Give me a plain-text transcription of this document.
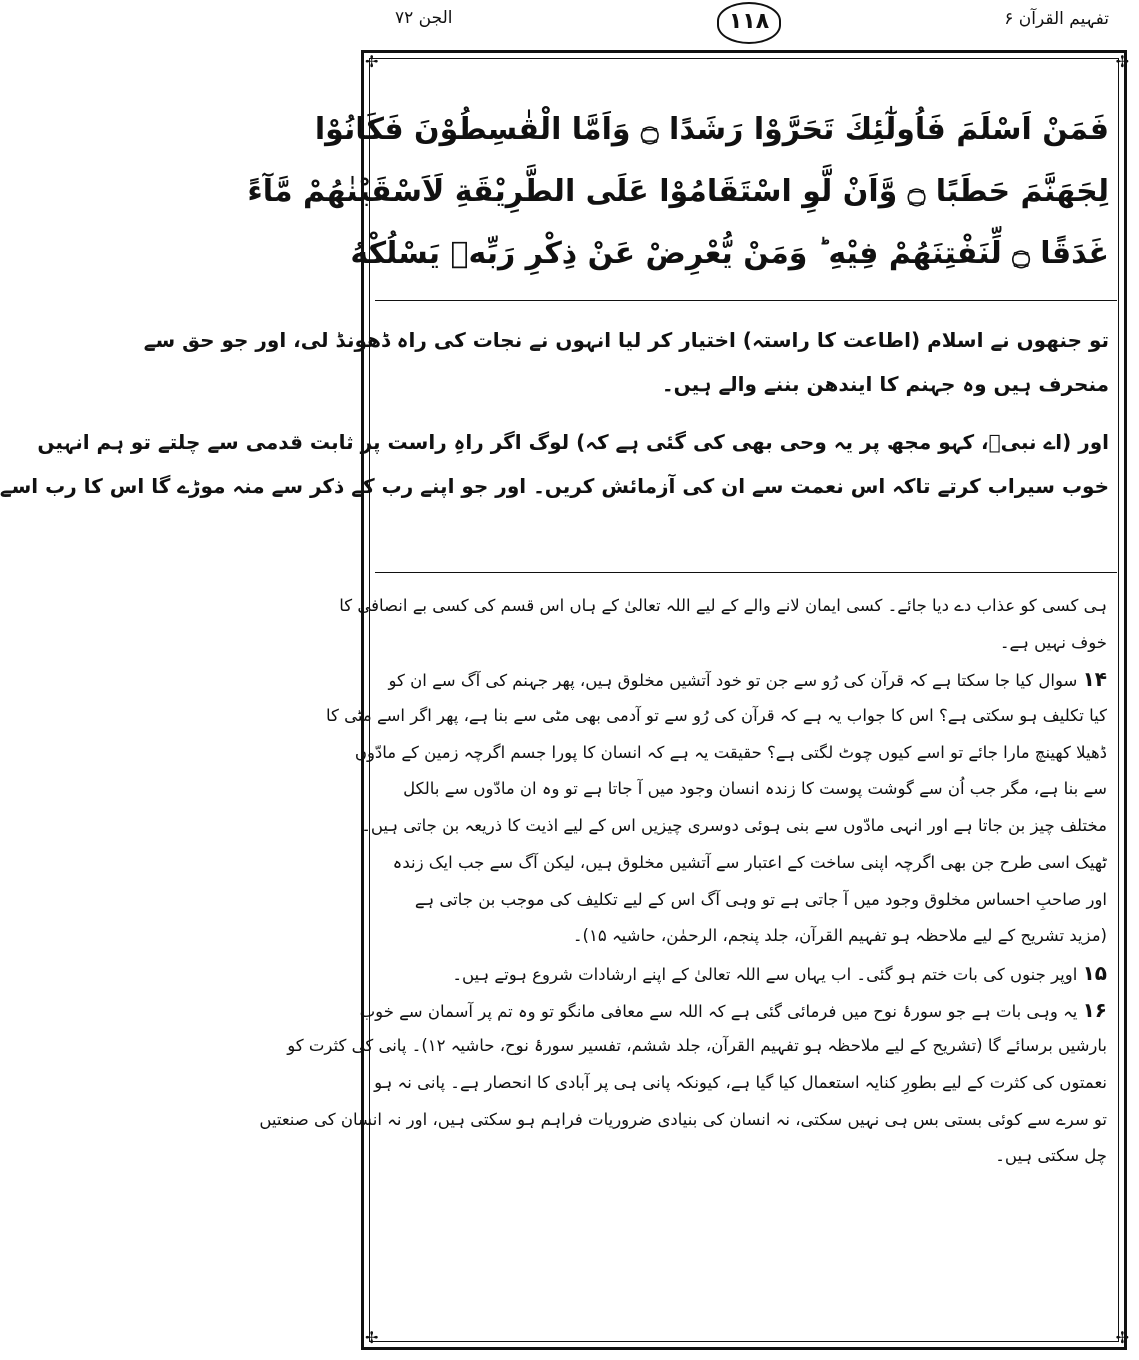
تفہیم القرآن ۶
۱۱۸
الجن ۷۲
✢	✢
✢	✢
فَمَنْ اَسْلَمَ فَاُولٰٓئِكَ تَحَرَّوْا رَشَدًا ۝ وَاَمَّا الْقٰسِطُوْنَ فَكَانُوْا
لِجَهَنَّمَ حَطَبًا ۝ وَّاَنْ لَّوِ اسْتَقَامُوْا عَلَى الطَّرِيْقَةِ لَاَسْقَيْنٰهُمْ مَّآءً
غَدَقًا ۝ لِّنَفْتِنَهُمْ فِيْهِ ؕ وَمَنْ يُّعْرِضْ عَنْ ذِكْرِ رَبِّهٖ يَسْلُكْهُ
تو جنھوں نے اسلام (اطاعت کا راستہ) اختیار کر لیا انہوں نے نجات کی راہ ڈھونڈ لی، اور جو حق سے
منحرف ہیں وہ جہنم کا ایندھن بننے والے ہیں۔
اور (اے نبیؐ، کہو مجھ پر یہ وحی بھی کی گئی ہے کہ) لوگ اگر راہِ راست پر ثابت قدمی سے چلتے تو ہم انہیں
خوب سیراب کرتے تاکہ اس نعمت سے ان کی آزمائش کریں۔ اور جو اپنے رب کے ذکر سے منہ موڑے گا اس کا رب اسے
ہی کسی کو عذاب دے دیا جائے۔ کسی ایمان لانے والے کے لیے اللہ تعالیٰ کے ہاں اس قسم کی کسی بے انصافی کا
خوف نہیں ہے۔
۱۴ سوال کیا جا سکتا ہے کہ قرآن کی رُو سے جن تو خود آتشیں مخلوق ہیں، پھر جہنم کی آگ سے ان کو
کیا تکلیف ہو سکتی ہے؟ اس کا جواب یہ ہے کہ قرآن کی رُو سے تو آدمی بھی مٹی سے بنا ہے، پھر اگر اسے مٹی کا
ڈھیلا کھینچ مارا جائے تو اسے کیوں چوٹ لگتی ہے؟ حقیقت یہ ہے کہ انسان کا پورا جسم اگرچہ زمین کے مادّوں
سے بنا ہے، مگر جب اُن سے گوشت پوست کا زندہ انسان وجود میں آ جاتا ہے تو وہ ان مادّوں سے بالکل
مختلف چیز بن جاتا ہے اور انہی مادّوں سے بنی ہوئی دوسری چیزیں اس کے لیے اذیت کا ذریعہ بن جاتی ہیں۔
ٹھیک اسی طرح جن بھی اگرچہ اپنی ساخت کے اعتبار سے آتشیں مخلوق ہیں، لیکن آگ سے جب ایک زندہ
اور صاحبِ احساس مخلوق وجود میں آ جاتی ہے تو وہی آگ اس کے لیے تکلیف کی موجب بن جاتی ہے
(مزید تشریح کے لیے ملاحظہ ہو تفہیم القرآن، جلد پنجم، الرحمٰن، حاشیہ ۱۵)۔
۱۵ اوپر جنوں کی بات ختم ہو گئی۔ اب یہاں سے اللہ تعالیٰ کے اپنے ارشادات شروع ہوتے ہیں۔
۱۶ یہ وہی بات ہے جو سورۂ نوح میں فرمائی گئی ہے کہ اللہ سے معافی مانگو تو وہ تم پر آسمان سے خوب
بارشیں برسائے گا (تشریح کے لیے ملاحظہ ہو تفہیم القرآن، جلد ششم، تفسیر سورۂ نوح، حاشیہ ۱۲)۔ پانی کی کثرت کو
نعمتوں کی کثرت کے لیے بطورِ کنایہ استعمال کیا گیا ہے، کیونکہ پانی ہی پر آبادی کا انحصار ہے۔ پانی نہ ہو
تو سرے سے کوئی بستی بس ہی نہیں سکتی، نہ انسان کی بنیادی ضروریات فراہم ہو سکتی ہیں، اور نہ انسان کی صنعتیں
چل سکتی ہیں۔
